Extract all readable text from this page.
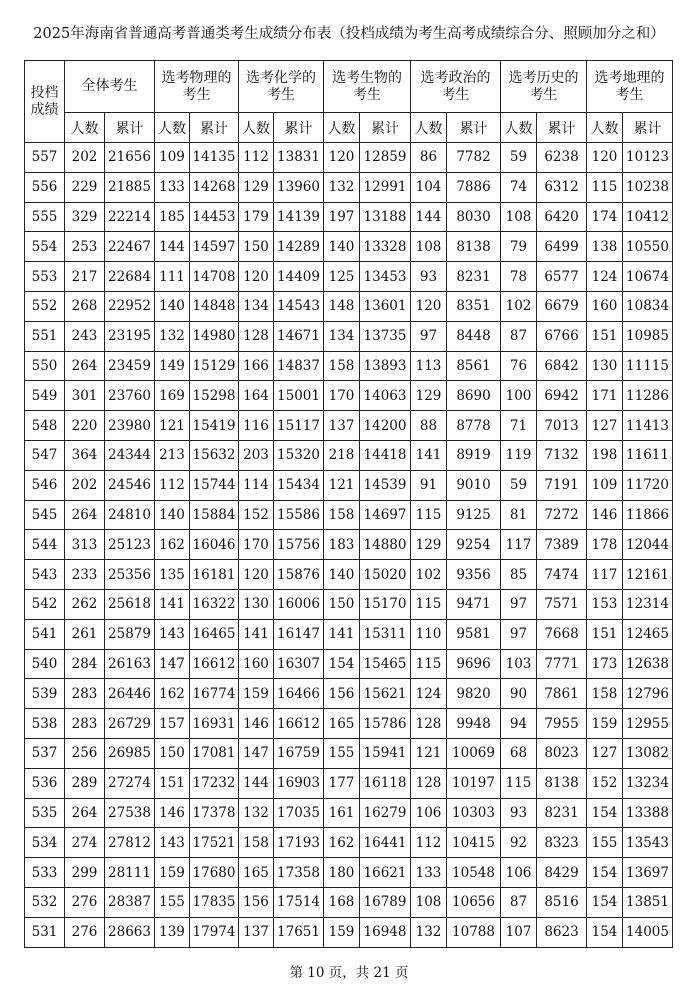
2025年海南省普通高考普通类考生成绩分布表（投档成绩为考生高考成绩综合分、照顾加分之和）
投档成绩	全体考生		选考物理的考生		选考化学的考生		选考生物的考生		选考政治的考生		选考历史的考生		选考地理的考生	
	人数	累计	人数	累计	人数	累计	人数	累计	人数	累计	人数	累计	人数	累计
557	202	21656	109	14135	112	13831	120	12859	86	7782	59	6238	120	10123
556	229	21885	133	14268	129	13960	132	12991	104	7886	74	6312	115	10238
555	329	22214	185	14453	179	14139	197	13188	144	8030	108	6420	174	10412
554	253	22467	144	14597	150	14289	140	13328	108	8138	79	6499	138	10550
553	217	22684	111	14708	120	14409	125	13453	93	8231	78	6577	124	10674
552	268	22952	140	14848	134	14543	148	13601	120	8351	102	6679	160	10834
551	243	23195	132	14980	128	14671	134	13735	97	8448	87	6766	151	10985
550	264	23459	149	15129	166	14837	158	13893	113	8561	76	6842	130	11115
549	301	23760	169	15298	164	15001	170	14063	129	8690	100	6942	171	11286
548	220	23980	121	15419	116	15117	137	14200	88	8778	71	7013	127	11413
547	364	24344	213	15632	203	15320	218	14418	141	8919	119	7132	198	11611
546	202	24546	112	15744	114	15434	121	14539	91	9010	59	7191	109	11720
545	264	24810	140	15884	152	15586	158	14697	115	9125	81	7272	146	11866
544	313	25123	162	16046	170	15756	183	14880	129	9254	117	7389	178	12044
543	233	25356	135	16181	120	15876	140	15020	102	9356	85	7474	117	12161
542	262	25618	141	16322	130	16006	150	15170	115	9471	97	7571	153	12314
541	261	25879	143	16465	141	16147	141	15311	110	9581	97	7668	151	12465
540	284	26163	147	16612	160	16307	154	15465	115	9696	103	7771	173	12638
539	283	26446	162	16774	159	16466	156	15621	124	9820	90	7861	158	12796
538	283	26729	157	16931	146	16612	165	15786	128	9948	94	7955	159	12955
537	256	26985	150	17081	147	16759	155	15941	121	10069	68	8023	127	13082
536	289	27274	151	17232	144	16903	177	16118	128	10197	115	8138	152	13234
535	264	27538	146	17378	132	17035	161	16279	106	10303	93	8231	154	13388
534	274	27812	143	17521	158	17193	162	16441	112	10415	92	8323	155	13543
533	299	28111	159	17680	165	17358	180	16621	133	10548	106	8429	154	13697
532	276	28387	155	17835	156	17514	168	16789	108	10656	87	8516	154	13851
531	276	28663	139	17974	137	17651	159	16948	132	10788	107	8623	154	14005
第 10 页，共 21 页
